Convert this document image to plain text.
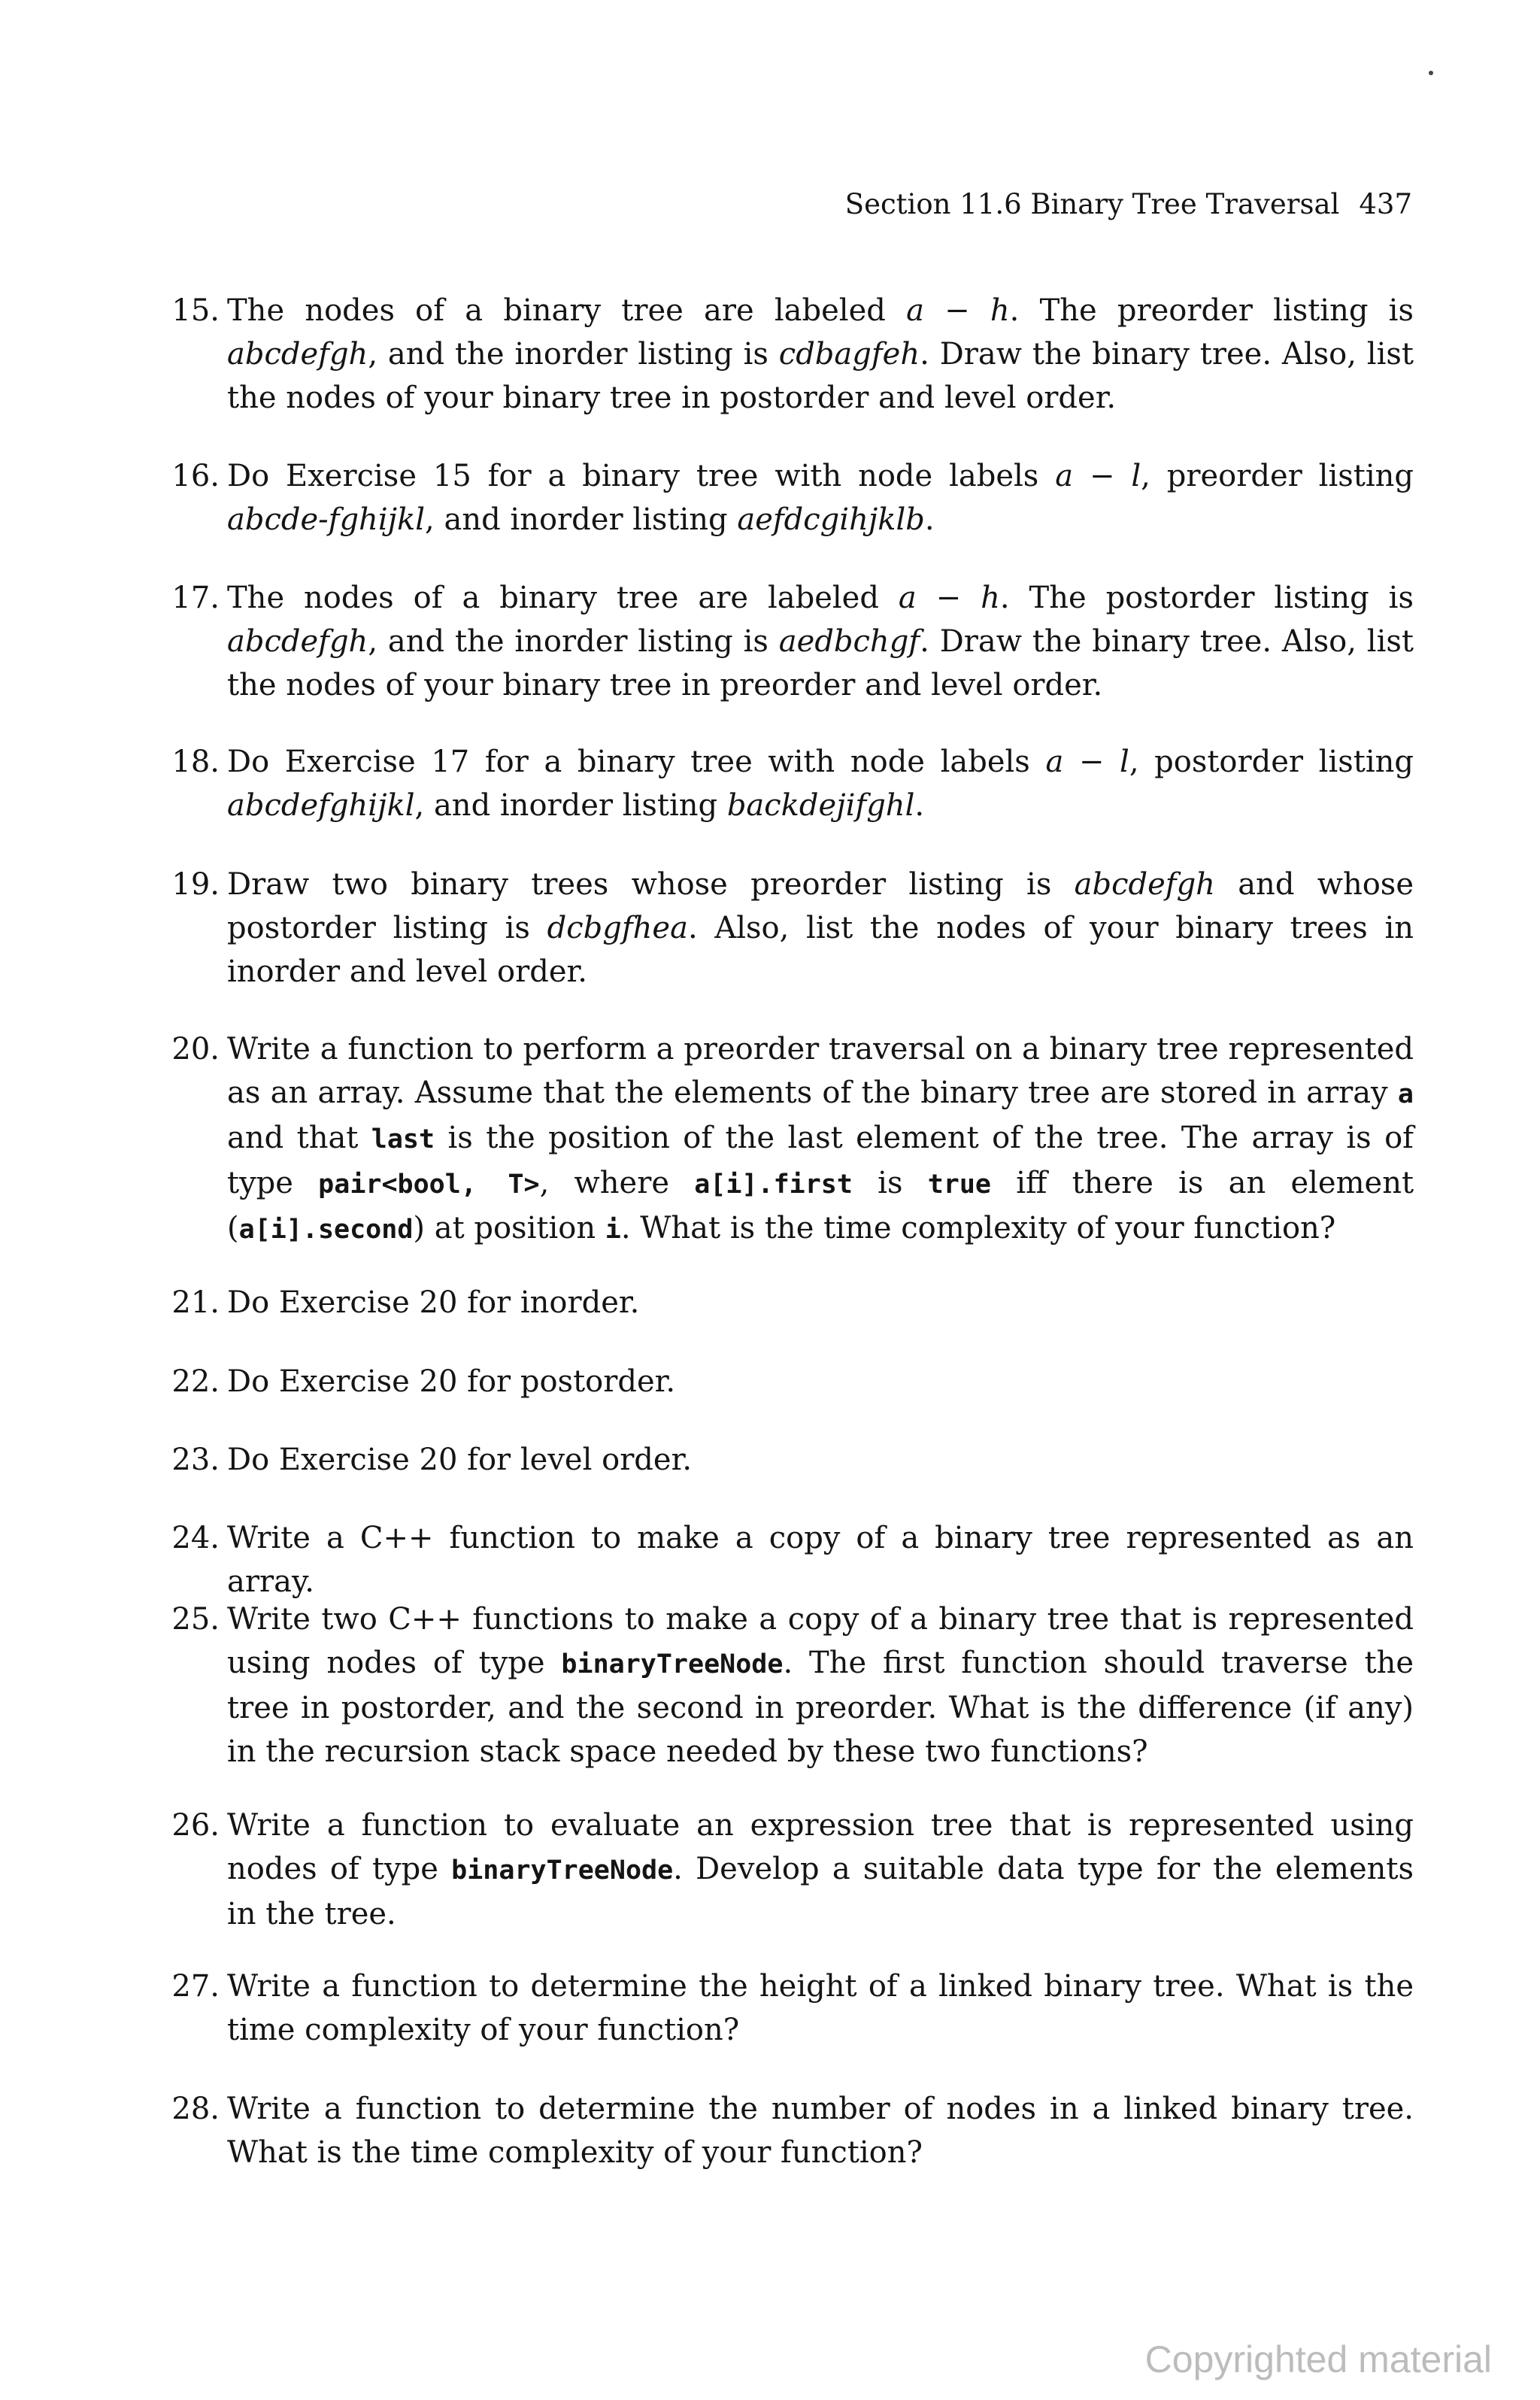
Section 11.6 Binary Tree Traversal 437
15. The nodes of a binary tree are labeled a − h. The preorder listing is abcdefgh, and the inorder listing is cdbagfeh. Draw the binary tree. Also, list the nodes of your binary tree in postorder and level order.
16. Do Exercise 15 for a binary tree with node labels a − l, preorder listing abcde-fghijkl, and inorder listing aefdcgihjklb.
17. The nodes of a binary tree are labeled a − h. The postorder listing is abcdefgh, and the inorder listing is aedbchgf. Draw the binary tree. Also, list the nodes of your binary tree in preorder and level order.
18. Do Exercise 17 for a binary tree with node labels a − l, postorder listing abcdefghijkl, and inorder listing backdejifghl.
19. Draw two binary trees whose preorder listing is abcdefgh and whose postorder listing is dcbgfhea. Also, list the nodes of your binary trees in inorder and level order.
20. Write a function to perform a preorder traversal on a binary tree represented as an array. Assume that the elements of the binary tree are stored in array a and that last is the position of the last element of the tree. The array is of type pair<bool, T>, where a[i].first is true iff there is an element (a[i].second) at position i. What is the time complexity of your function?
21. Do Exercise 20 for inorder.
22. Do Exercise 20 for postorder.
23. Do Exercise 20 for level order.
24. Write a C++ function to make a copy of a binary tree represented as an array.
25. Write two C++ functions to make a copy of a binary tree that is represented using nodes of type binaryTreeNode. The first function should traverse the tree in postorder, and the second in preorder. What is the difference (if any) in the recursion stack space needed by these two functions?
26. Write a function to evaluate an expression tree that is represented using nodes of type binaryTreeNode. Develop a suitable data type for the elements in the tree.
27. Write a function to determine the height of a linked binary tree. What is the time complexity of your function?
28. Write a function to determine the number of nodes in a linked binary tree. What is the time complexity of your function?
Copyrighted material
